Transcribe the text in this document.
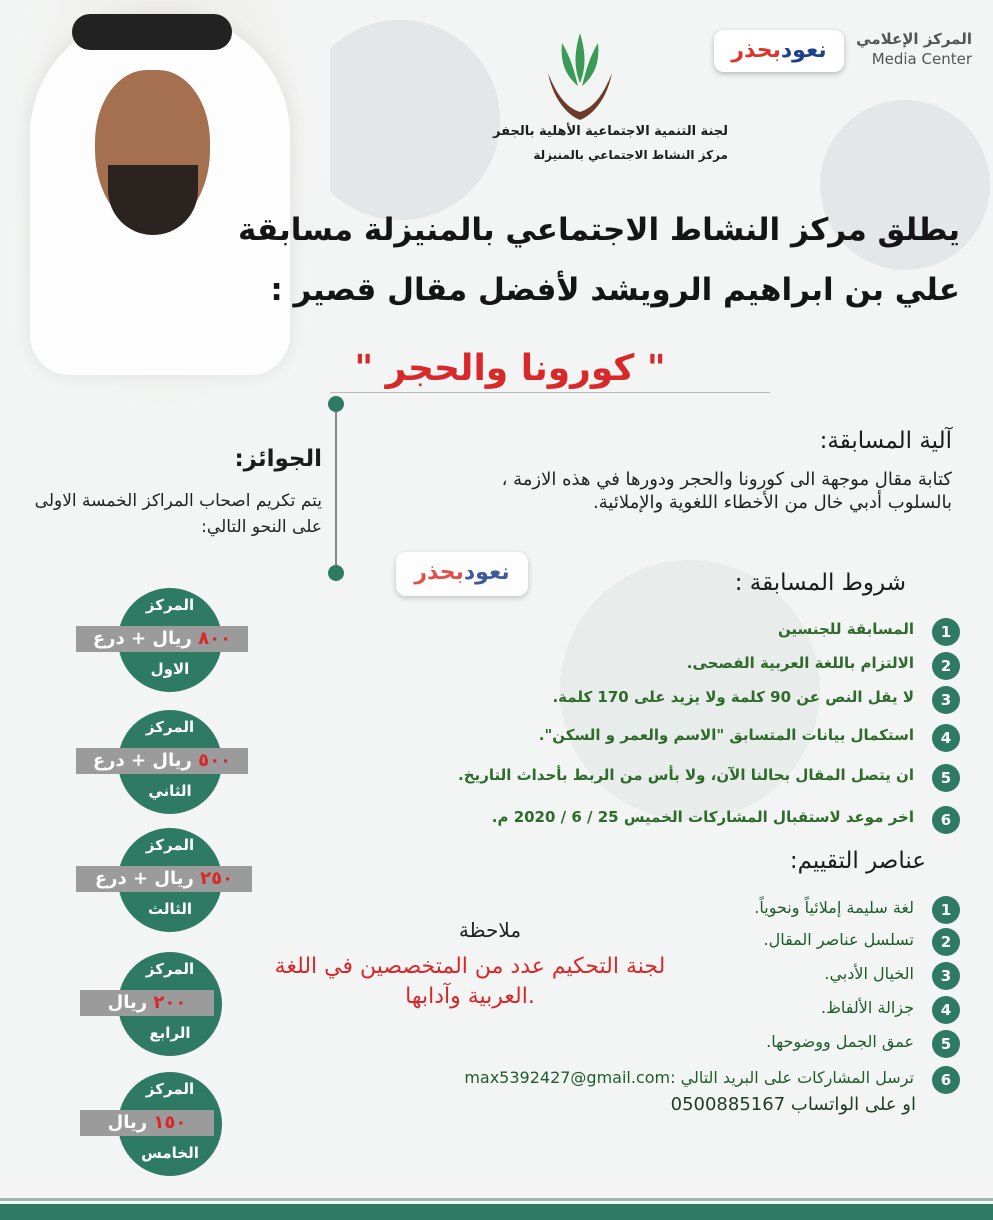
لجنة التنمية الاجتماعية الأهلية بالجفر
مركز النشاط الاجتماعي بالمنيزلة
المركز الإعلامي
Media Center
نعودبحذر
يطلق مركز النشاط الاجتماعي بالمنيزلة مسابقة
علي بن ابراهيم الرويشد لأفضل مقال قصير :
" كورونا والحجر "
آلية المسابقة:
كتابة مقال موجهة الى كورونا والحجر ودورها في هذه الازمة ، بالسلوب أدبي خال من الأخطاء اللغوية والإملائية.
نعودبحذر	شروط المسابقة :
1
المسابقة للجنسين
2
الالتزام باللغة العربية الفصحى.
3
لا يقل النص عن 90 كلمة ولا يزيد على 170 كلمة.
4
استكمال بيانات المتسابق "الاسم والعمر و السكن".
5
ان يتصل المقال بحالنا الآن، ولا بأس من الربط بأحداث التاريخ.
6
اخر موعد لاستقبال المشاركات الخميس 25 / 6 / 2020 م.
عناصر التقييم:
1
لغة سليمة إملائياً ونحوياً.
2
تسلسل عناصر المقال.
3
الخيال الأدبي.
4
جزالة الألفاظ.
5
عمق الجمل ووضوحها.
6
ترسل المشاركات على البريد التالي :max5392427@gmail.com
او على الواتساب 0500885167
الجوائز:
يتم تكريم اصحاب المراكز الخمسة الاولى على النحو التالي:
المركز
٨٠٠ ريال + درع
الاول
المركز
٥٠٠ ريال + درع
الثاني
المركز
٢٥٠ ريال + درع
الثالث
المركز
٢٠٠ ريال
الرابع
المركز
١٥٠ ريال
الخامس
ملاحظة
لجنة التحكيم عدد من المتخصصين في اللغة العربية وآدابها.
